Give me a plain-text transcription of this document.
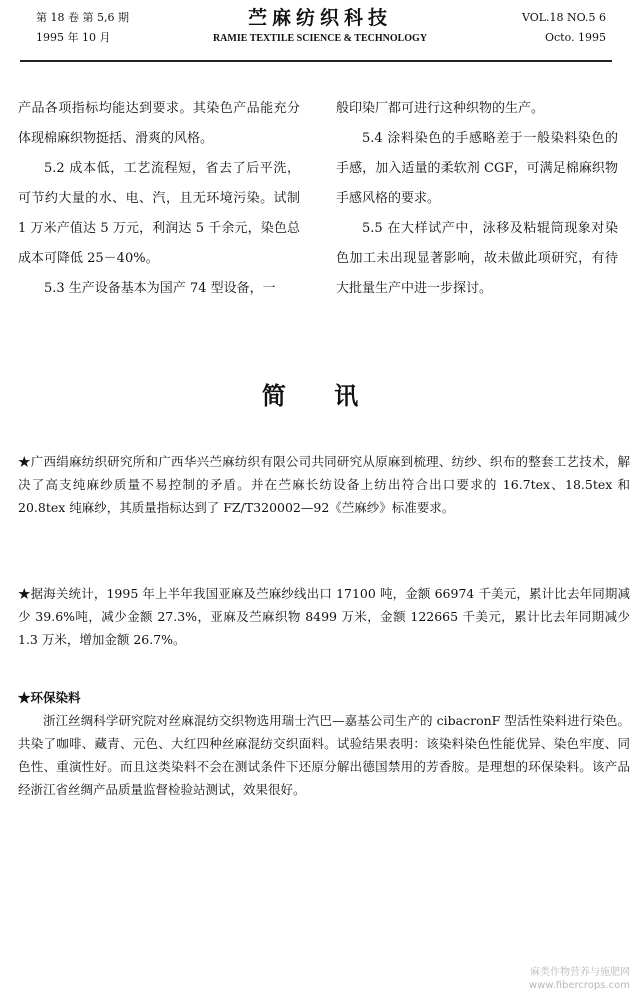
第 18 卷 第 5,6 期
1995 年 10 月
苎麻纺织科技
RAMIE TEXTILE SCIENCE & TECHNOLOGY
VOL.18 NO.5 6
Octo. 1995

产品各项指标均能达到要求。其染色产品能充分体现棉麻织物挺括、滑爽的风格。

5.2 成本低，工艺流程短，省去了后平洗，可节约大量的水、电、汽，且无环境污染。试制 1 万米产值达 5 万元，利润达 5 千余元，染色总成本可降低 25－40%。

5.3 生产设备基本为国产 74 型设备，一

般印染厂都可进行这种织物的生产。

5.4 涂料染色的手感略差于一般染料染色的手感，加入适量的柔软剂 CGF，可满足棉麻织物手感风格的要求。

5.5 在大样试产中，泳移及粘辊筒现象对染色加工未出现显著影响，故未做此项研究，有待大批量生产中进一步探讨。

简 讯

★广西绢麻纺织研究所和广西华兴苎麻纺织有限公司共同研究从原麻到梳理、纺纱、织布的整套工艺技术，解决了高支纯麻纱质量不易控制的矛盾。并在苎麻长纺设备上纺出符合出口要求的 16.7tex、18.5tex 和 20.8tex 纯麻纱，其质量指标达到了 FZ/T320002—92《苎麻纱》标准要求。

★据海关统计，1995 年上半年我国亚麻及苎麻纱线出口 17100 吨，金额 66974 千美元，累计比去年同期减少 39.6%吨，减少金额 27.3%，亚麻及苎麻织物 8499 万米，金额 122665 千美元，累计比去年同期减少 1.3 万米，增加金额 26.7%。

★环保染料

浙江丝绸科学研究院对丝麻混纺交织物选用瑞士汽巴—嘉基公司生产的 cibacronF 型活性染料进行染色。共染了咖啡、藏青、元色、大红四种丝麻混纺交织面料。试验结果表明：该染料染色性能优异、染色牢度、同色性、重演性好。而且这类染料不会在测试条件下还原分解出德国禁用的芳香胺。是理想的环保染料。该产品经浙江省丝绸产品质量监督检验站测试，效果很好。

麻类作物营养与施肥网
www.fibercrops.com
